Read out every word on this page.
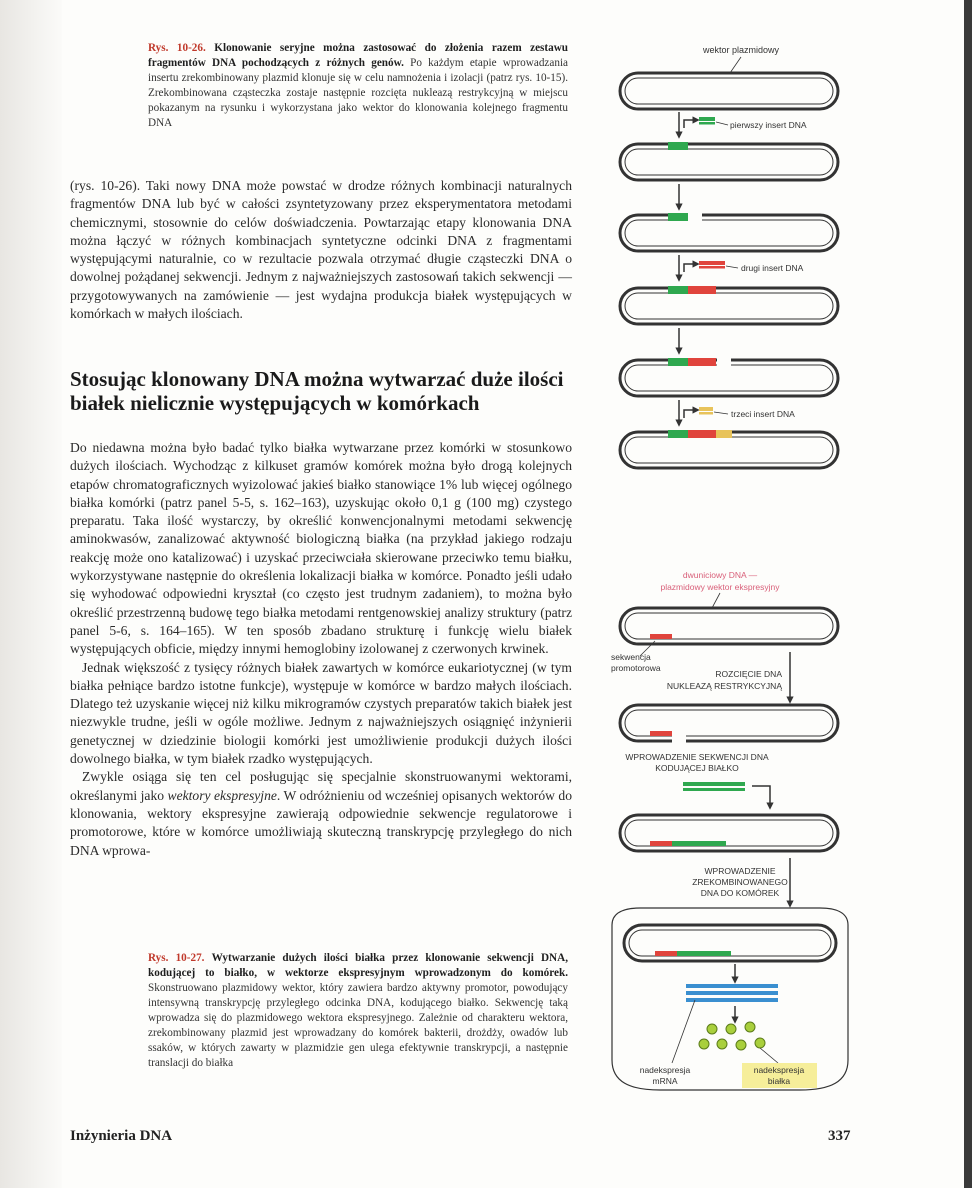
Rys. 10-26. Klonowanie seryjne można zastosować do złożenia razem zestawu fragmentów DNA pochodzących z różnych genów. Po każdym etapie wprowadzania insertu zrekombinowany plazmid klonuje się w celu namnożenia i izolacji (patrz rys. 10-15). Zrekombinowana cząsteczka zostaje następnie rozcięta nukleazą restrykcyjną w miejscu pokazanym na rysunku i wykorzystana jako wektor do klonowania kolejnego fragmentu DNA

(rys. 10-26). Taki nowy DNA może powstać w drodze różnych kombinacji naturalnych fragmentów DNA lub być w całości zsyntetyzowany przez eksperymentatora metodami chemicznymi, stosownie do celów doświadczenia. Powtarzając etapy klonowania DNA można łączyć w różnych kombinacjach syntetyczne odcinki DNA z fragmentami występującymi naturalnie, co w rezultacie pozwala otrzymać długie cząsteczki DNA o dowolnej pożądanej sekwencji. Jednym z najważniejszych zastosowań takich sekwencji — przygotowywanych na zamówienie — jest wydajna produkcja białek występujących w komórkach w małych ilościach.

Stosując klonowany DNA można wytwarzać duże ilości białek nielicznie występujących w komórkach

Do niedawna można było badać tylko białka wytwarzane przez komórki w stosunkowo dużych ilościach. Wychodząc z kilkuset gramów komórek można było drogą kolejnych etapów chromatograficznych wyizolować jakieś białko stanowiące 1% lub więcej ogólnego białka komórki (patrz panel 5-5, s. 162–163), uzyskując około 0,1 g (100 mg) czystego preparatu. Taka ilość wystarczy, by określić konwencjonalnymi metodami sekwencję aminokwasów, zanalizować aktywność biologiczną białka (na przykład jakiego rodzaju reakcję może ono katalizować) i uzyskać przeciwciała skierowane przeciwko temu białku, wykorzystywane następnie do określenia lokalizacji białka w komórce. Ponadto jeśli udało się wyhodować odpowiedni kryształ (co często jest trudnym zadaniem), to można było określić przestrzenną budowę tego białka metodami rentgenowskiej analizy struktury (patrz panel 5-6, s. 164–165). W ten sposób zbadano strukturę i funkcję wielu białek występujących obficie, między innymi hemoglobiny izolowanej z czerwonych krwinek.

Jednak większość z tysięcy różnych białek zawartych w komórce eukariotycznej (w tym białka pełniące bardzo istotne funkcje), występuje w komórce w bardzo małych ilościach. Dlatego też uzyskanie więcej niż kilku mikrogramów czystych preparatów takich białek jest niezwykle trudne, jeśli w ogóle możliwe. Jednym z najważniejszych osiągnięć inżynierii genetycznej w dziedzinie biologii komórki jest umożliwienie produkcji dużych ilości dowolnego białka, w tym białek rzadko występujących.

Zwykle osiąga się ten cel posługując się specjalnie skonstruowanymi wektorami, określanymi jako wektory ekspresyjne. W odróżnieniu od wcześniej opisanych wektorów do klonowania, wektory ekspresyjne zawierają odpowiednie sekwencje regulatorowe i promotorowe, które w komórce umożliwiają skuteczną transkrypcję przyległego do nich DNA wprowa-

Rys. 10-27. Wytwarzanie dużych ilości białka przez klonowanie sekwencji DNA, kodującej to białko, w wektorze ekspresyjnym wprowadzonym do komórek. Skonstruowano plazmidowy wektor, który zawiera bardzo aktywny promotor, powodujący intensywną transkrypcję przyległego odcinka DNA, kodującego białko. Sekwencję taką wprowadza się do plazmidowego wektora ekspresyjnego. Zależnie od charakteru wektora, zrekombinowany plazmid jest wprowadzany do komórek bakterii, drożdży, owadów lub ssaków, w których zawarty w plazmidzie gen ulega efektywnie transkrypcji, a następnie translacji do białka
Inżynieria DNA	337
wektor plazmidowy
pierwszy insert DNA
drugi insert DNA
trzeci insert DNA
dwuniciowy DNA —
plazmidowy wektor ekspresyjny
sekwencja
promotorowa
ROZCIĘCIE DNA
NUKLEAZĄ RESTRYKCYJNĄ
WPROWADZENIE SEKWENCJI DNA
KODUJĄCEJ BIAŁKO
WPROWADZENIE
ZREKOMBINOWANEGO
DNA DO KOMÓREK
nadekspresja
mRNA
nadekspresja
białka
